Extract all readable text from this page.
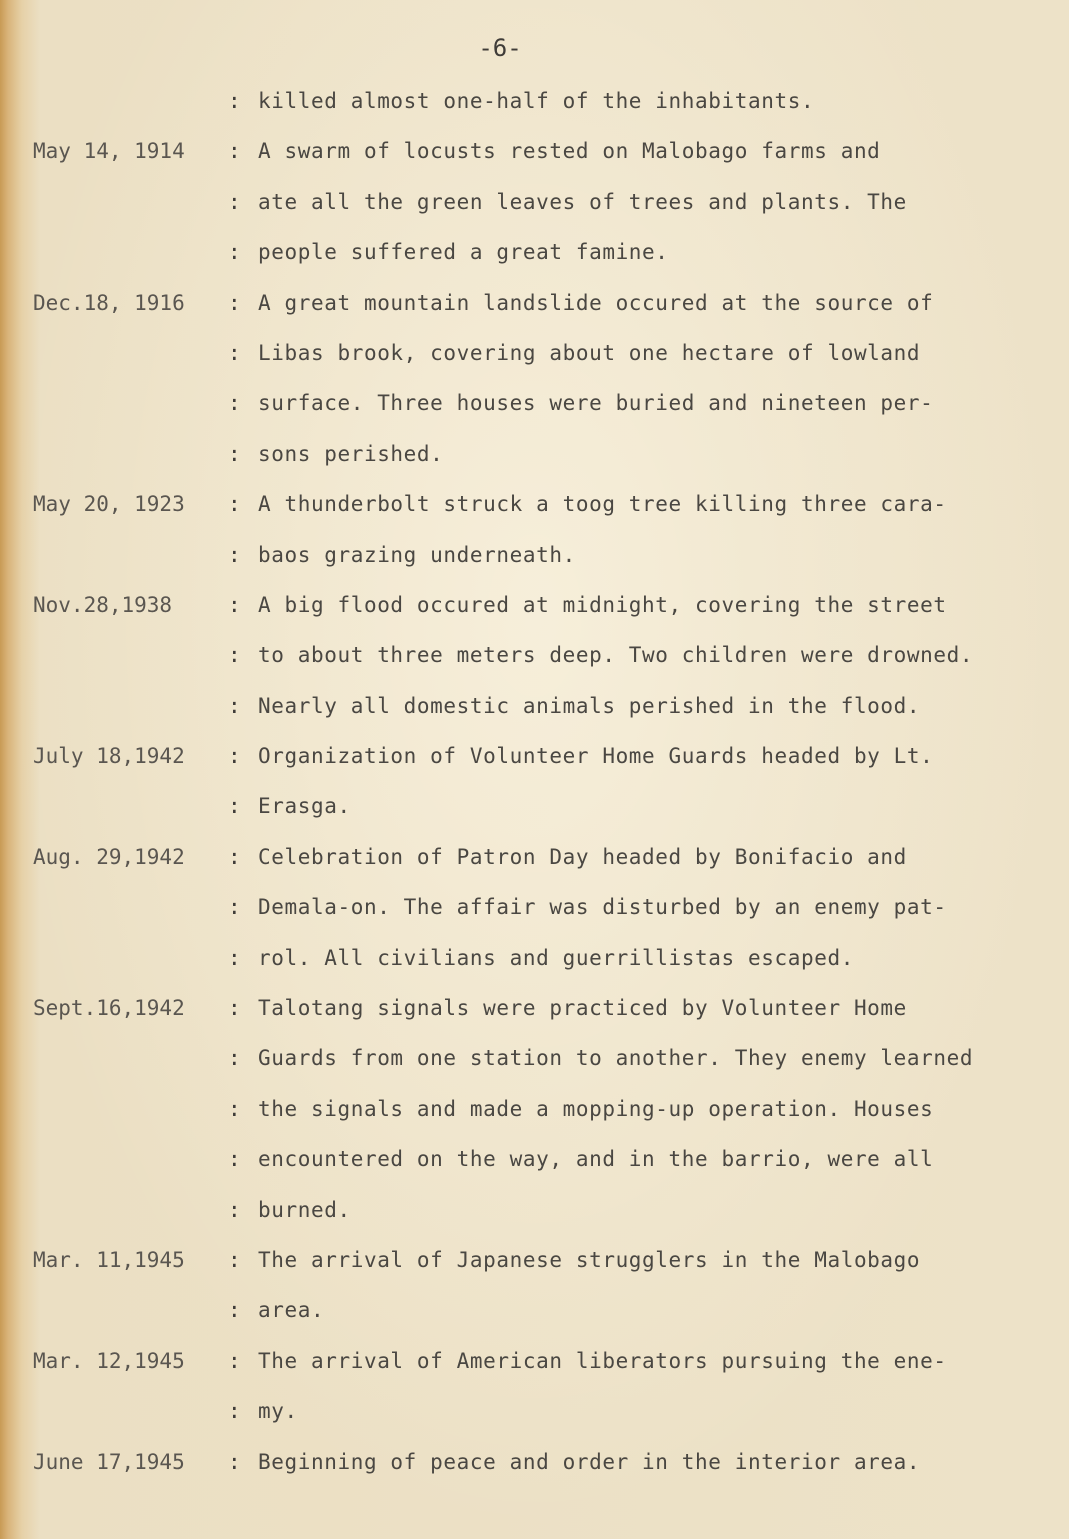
-6-
: killed almost one-half of the inhabitants.
May 14, 1914	: A swarm of locusts rested on Malobago farms and
: ate all the green leaves of trees and plants. The
: people suffered a great famine.
Dec.18, 1916	: A great mountain landslide occured at the source of
: Libas brook, covering about one hectare of lowland
: surface. Three houses were buried and nineteen per-
: sons perished.
May 20, 1923	: A thunderbolt struck a toog tree killing three cara-
: baos grazing underneath.
Nov.28,1938	: A big flood occured at midnight, covering the street
: to about three meters deep. Two children were drowned.
: Nearly all domestic animals perished in the flood.
July 18,1942	: Organization of Volunteer Home Guards headed by Lt.
: Erasga.
Aug. 29,1942	: Celebration of Patron Day headed by Bonifacio and
: Demala-on. The affair was disturbed by an enemy pat-
: rol. All civilians and guerrillistas escaped.
Sept.16,1942	: Talotang signals were practiced by Volunteer Home
: Guards from one station to another. They enemy learned
: the signals and made a mopping-up operation. Houses
: encountered on the way, and in the barrio, were all
: burned.
Mar. 11,1945	: The arrival of Japanese strugglers in the Malobago
: area.
Mar. 12,1945	: The arrival of American liberators pursuing the ene-
: my.
June 17,1945	: Beginning of peace and order in the interior area.
